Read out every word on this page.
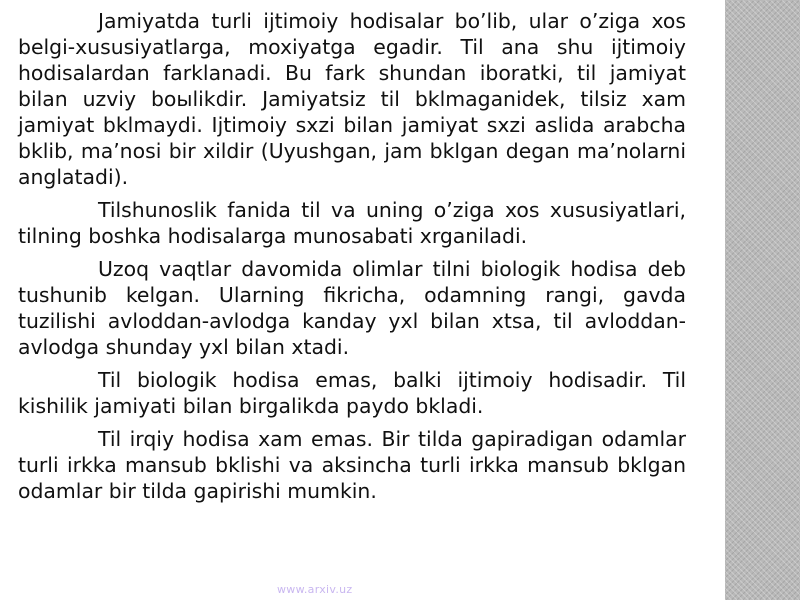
Jamiyatda turli ijtimoiy hodisalar bo’lib, ular o’ziga xos belgi-xususiyatlarga, moxiyatga egadir. Til ana shu ijtimoiy hodisalardan farklanadi. Bu fark shundan iboratki, til jamiyat bilan uzviy boыlikdir. Jamiyatsiz til bklmaganidek, tilsiz xam jamiyat bklmaydi. Ijtimoiy sxzi bilan jamiyat sxzi aslida arabcha bklib, ma’nosi bir xildir (Uyushgan, jam bklgan degan ma’nolarni anglatadi).

Tilshunoslik fanida til va uning o’ziga xos xususiyatlari, tilning boshka hodisalarga munosabati xrganiladi.

Uzoq vaqtlar davomida olimlar tilni biologik hodisa deb tushunib kelgan. Ularning fikricha, odamning rangi, gavda tuzilishi avloddan-avlodga kanday yxl bilan xtsa, til avloddan-avlodga shunday yxl bilan xtadi.

Til biologik hodisa emas, balki ijtimoiy hodisadir. Til kishilik jamiyati bilan birgalikda paydo bkladi.

Til irqiy hodisa xam emas. Bir tilda gapiradigan odamlar turli irkka mansub bklishi va aksincha turli irkka mansub bklgan odamlar bir tilda gapirishi mumkin.

www.arxiv.uz
